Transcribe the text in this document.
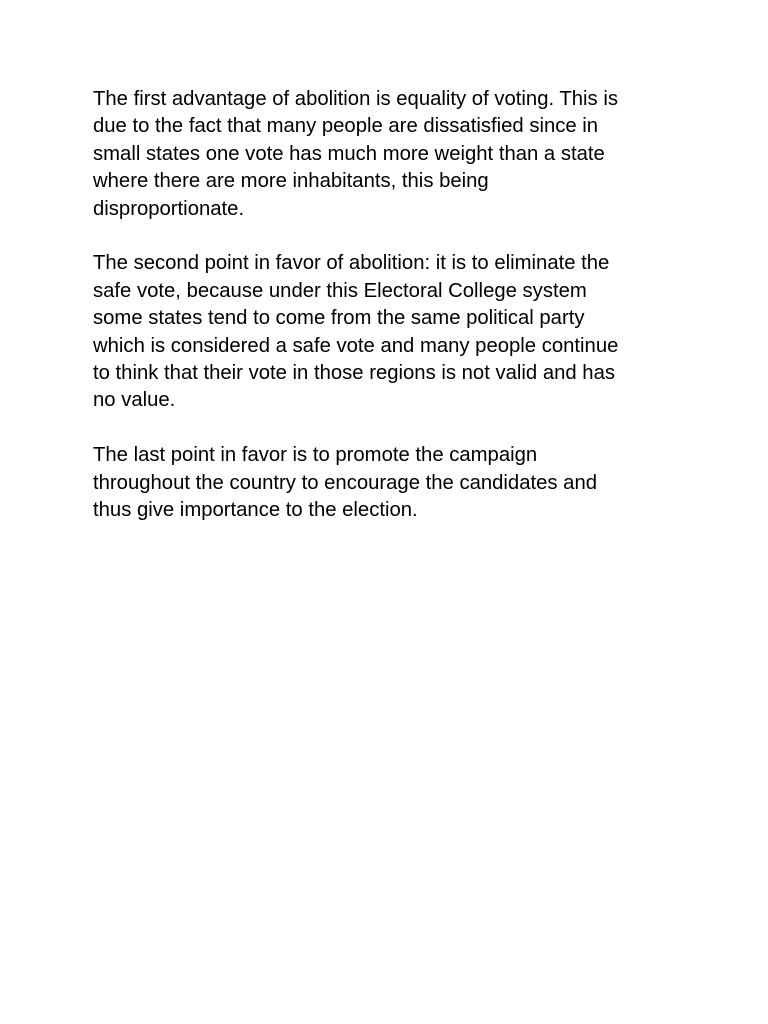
The first advantage of abolition is equality of voting. This is
due to the fact that many people are dissatisfied since in
small states one vote has much more weight than a state
where there are more inhabitants, this being
disproportionate.

The second point in favor of abolition: it is to eliminate the
safe vote, because under this Electoral College system
some states tend to come from the same political party
which is considered a safe vote and many people continue
to think that their vote in those regions is not valid and has
no value.

The last point in favor is to promote the campaign
throughout the country to encourage the candidates and
thus give importance to the election.
